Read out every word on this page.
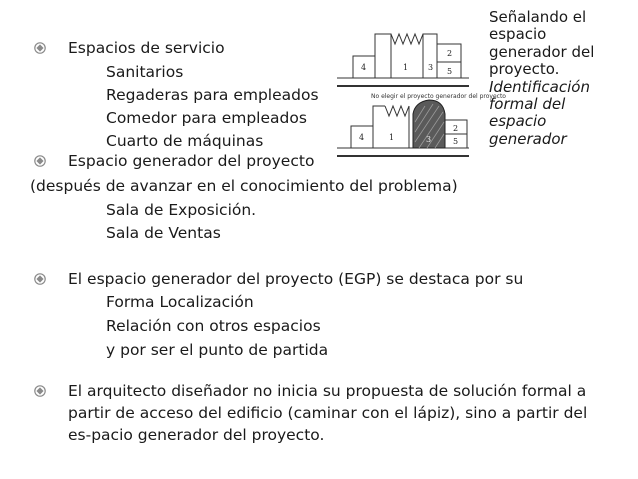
Espacios de servicio
Sanitarios
Regaderas para empleados
Comedor para empleados
Cuarto de máquinas
Espacio generador del proyecto
(después de avanzar en el conocimiento del problema)
Sala de Exposición.
Sala de Ventas
El espacio generador del proyecto (EGP) se destaca por su
Forma Localización
Relación con otros espacios
y por ser el punto de partida
El arquitecto diseñador no inicia su propuesta de solución formal a
partir de acceso del edificio (caminar con el lápiz), sino a partir del
es-pacio generador del proyecto.
Señalando el
espacio
generador del
proyecto.
Identificación
formal del
espacio
generador
4	1 3
2
5
No elegir el proyecto generador del proyecto
4	1	3
2
5
